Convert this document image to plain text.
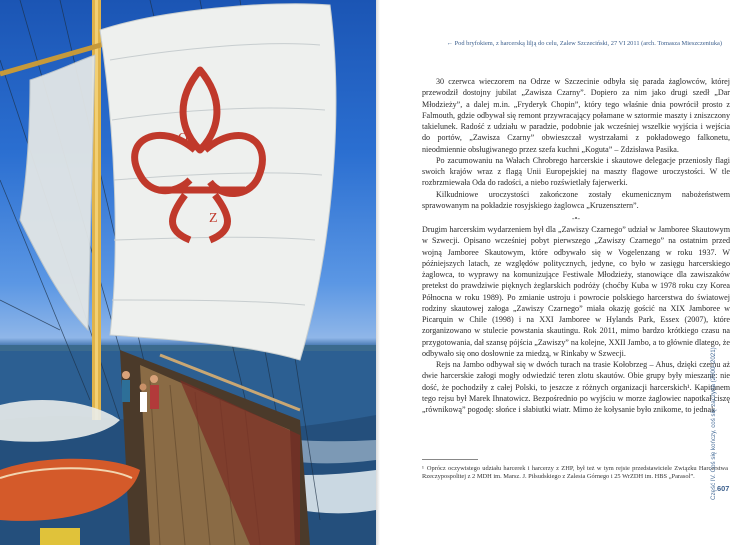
O
Z
← Pod bryfokiem, z harcerską lilją do celu, Zalew Szczeciński, 27 VI 2011 (arch. Tomasza Mieszczeniuka)

30 czerwca wieczorem na Odrze w Szczecinie odbyła się parada żaglowców, której przewodził dostojny jubilat „Zawisza Czarny”. Dopiero za nim jako drugi szedł „Dar Młodzieży”, a dalej m.in. „Fryderyk Chopin”, który tego właśnie dnia powrócił prosto z Falmouth, gdzie odbywał się remont przywracający połamane w sztormie maszty i zniszczony takielunek. Radość z udziału w paradzie, podobnie jak wcześniej wszelkie wyjścia i wejścia do portów, „Zawisza Czarny” obwieszczał wystrzałami z pokładowego falkonetu, nieodmiennie obsługiwanego przez szefa kuchni „Koguta” – Zdzisława Pasika.

Po zacumowaniu na Wałach Chrobrego harcerskie i skautowe delegacje przeniosły flagi swoich krajów wraz z flagą Unii Europejskiej na maszty flagowe uroczystości. W tle rozbrzmiewała Oda do radości, a niebo rozświetlały fajerwerki.

Kilkudniowe uroczystości zakończone zostały ekumenicznym nabożeństwem sprawowanym na pokładzie rosyjskiego żaglowca „Kruzensztern”.

-•-

Drugim harcerskim wydarzeniem był dla „Zawiszy Czarnego” udział w Jamboree Skautowym w Szwecji. Opisano wcześniej pobyt pierwszego „Zawiszy Czarnego” na ostatnim przed wojną Jamboree Skautowym, które odbywało się w Vogelenzang w roku 1937. W późniejszych latach, ze względów politycznych, jedyne, co było w zasięgu harcerskiego żaglowca, to wyprawy na komunizujące Festiwale Młodzieży, stanowiące dla zawiszaków pretekst do prawdziwie pięknych żeglarskich podróży (choćby Kuba w 1978 roku czy Korea Północna w roku 1989). Po zmianie ustroju i powrocie polskiego harcerstwa do światowej rodziny skautowej załoga „Zawiszy Czarnego” miała okazję gościć na XIX Jamboree w Picarquin w Chile (1998) i na XXI Jamboree w Hylands Park, Essex (2007), które zorganizowano w stulecie powstania skautingu. Rok 2011, mimo bardzo krótkiego czasu na przygotowania, dał szansę pójścia „Zawiszy” na kolejne, XXII Jambo, a to głównie dlatego, że odbywało się ono dosłownie za miedzą, w Rinkaby w Szwecji.

Rejs na Jambo odbywał się w dwóch turach na trasie Kołobrzeg – Ahus, dzięki czemu aż dwie harcerskie załogi mogły odwiedzić teren zlotu skautów. Obie grupy były mieszane: nie dość, że pochodziły z całej Polski, to jeszcze z różnych organizacji harcerskich¹. Kapitanem tego rejsu był Marek Ihnatowicz. Bezpośrednio po wyjściu w morze żaglowiec napotkał ciszę „równikową” pogodę: słońce i słabiutki wiatr. Mimo że kołysanie było znikome, to jednak

¹ Oprócz oczywistego udziału harcerek i harcerzy z ZHP, był też w tym rejsie przedstawiciele Związku Harcerstwa Rzeczypospolitej z 2 MDH im. Marsz. J. Piłsudskiego z Zalesia Górnego i 25 WrZDH im. HBS „Parasol”.	Część IV. Coś się kończy, coś się zaczyna (2000–2021) 607
